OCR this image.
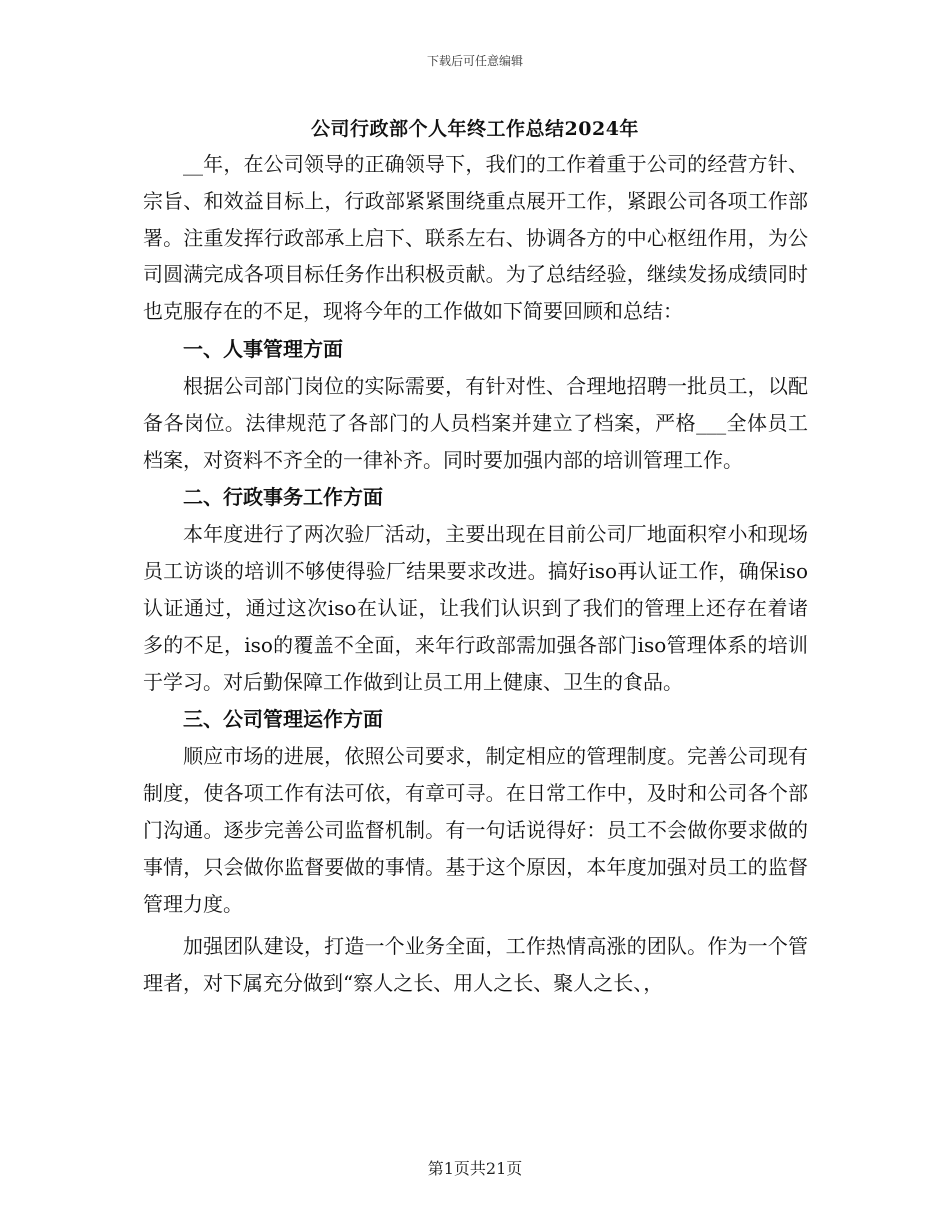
下载后可任意编辑
公司行政部个人年终工作总结2024年

__年，在公司领导的正确领导下，我们的工作着重于公司的经营方针、宗旨、和效益目标上，行政部紧紧围绕重点展开工作，紧跟公司各项工作部署。注重发挥行政部承上启下、联系左右、协调各方的中心枢纽作用，为公司圆满完成各项目标任务作出积极贡献。为了总结经验，继续发扬成绩同时也克服存在的不足，现将今年的工作做如下简要回顾和总结：

一、人事管理方面

根据公司部门岗位的实际需要，有针对性、合理地招聘一批员工，以配备各岗位。法律规范了各部门的人员档案并建立了档案，严格___全体员工档案，对资料不齐全的一律补齐。同时要加强内部的培训管理工作。

二、行政事务工作方面

本年度进行了两次验厂活动，主要出现在目前公司厂地面积窄小和现场员工访谈的培训不够使得验厂结果要求改进。搞好iso再认证工作，确保iso认证通过，通过这次iso在认证，让我们认识到了我们的管理上还存在着诸多的不足，iso的覆盖不全面，来年行政部需加强各部门iso管理体系的培训于学习。对后勤保障工作做到让员工用上健康、卫生的食品。

三、公司管理运作方面

顺应市场的进展，依照公司要求，制定相应的管理制度。完善公司现有制度，使各项工作有法可依，有章可寻。在日常工作中，及时和公司各个部门沟通。逐步完善公司监督机制。有一句话说得好：员工不会做你要求做的事情，只会做你监督要做的事情。基于这个原因，本年度加强对员工的监督管理力度。

加强团队建设，打造一个业务全面，工作热情高涨的团队。作为一个管理者，对下属充分做到“察人之长、用人之长、聚人之长、，

第1页共21页
